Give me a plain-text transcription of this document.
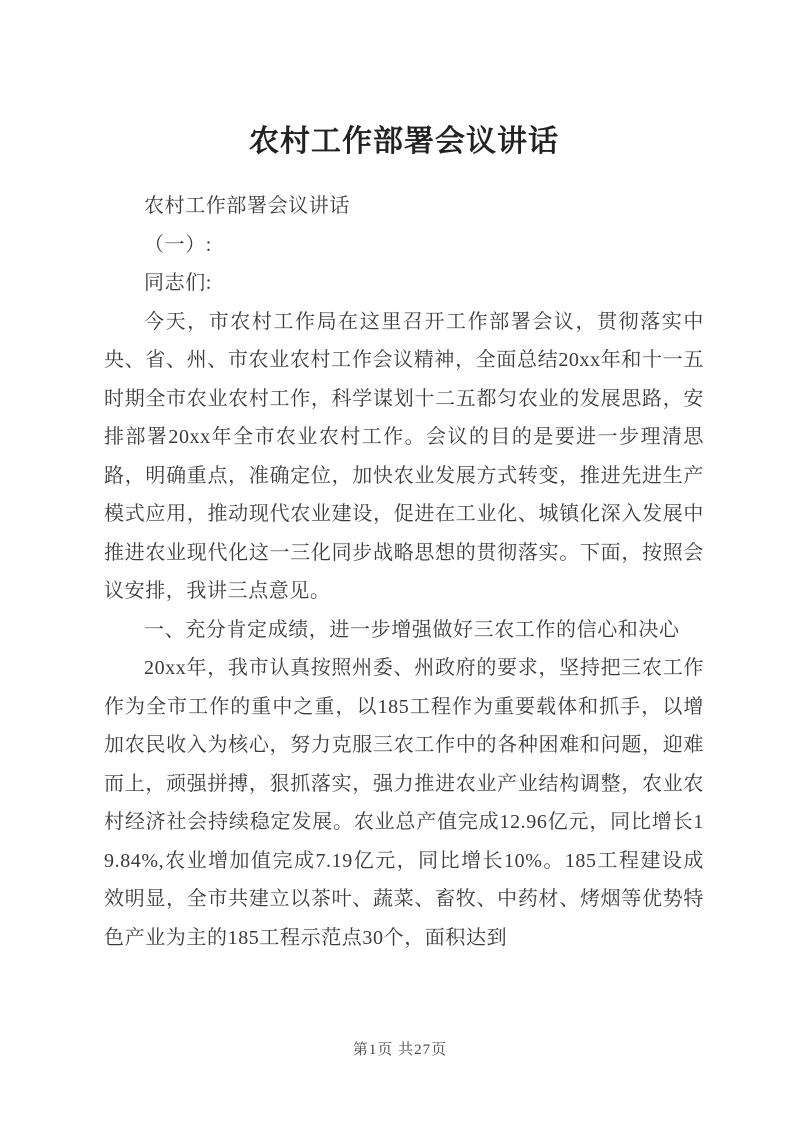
农村工作部署会议讲话

农村工作部署会议讲话

（一）:

同志们:

今天，市农村工作局在这里召开工作部署会议，贯彻落实中央、省、州、市农业农村工作会议精神，全面总结20xx年和十一五时期全市农业农村工作，科学谋划十二五都匀农业的发展思路，安排部署20xx年全市农业农村工作。会议的目的是要进一步理清思路，明确重点，准确定位，加快农业发展方式转变，推进先进生产模式应用，推动现代农业建设，促进在工业化、城镇化深入发展中推进农业现代化这一三化同步战略思想的贯彻落实。下面，按照会议安排，我讲三点意见。

一、充分肯定成绩，进一步增强做好三农工作的信心和决心

20xx年，我市认真按照州委、州政府的要求，坚持把三农工作作为全市工作的重中之重，以185工程作为重要载体和抓手，以增加农民收入为核心，努力克服三农工作中的各种困难和问题，迎难而上，顽强拼搏，狠抓落实，强力推进农业产业结构调整，农业农村经济社会持续稳定发展。农业总产值完成12.96亿元，同比增长19.84%,农业增加值完成7.19亿元，同比增长10%。185工程建设成效明显，全市共建立以茶叶、蔬菜、畜牧、中药材、烤烟等优势特色产业为主的185工程示范点30个，面积达到

第1页 共27页
